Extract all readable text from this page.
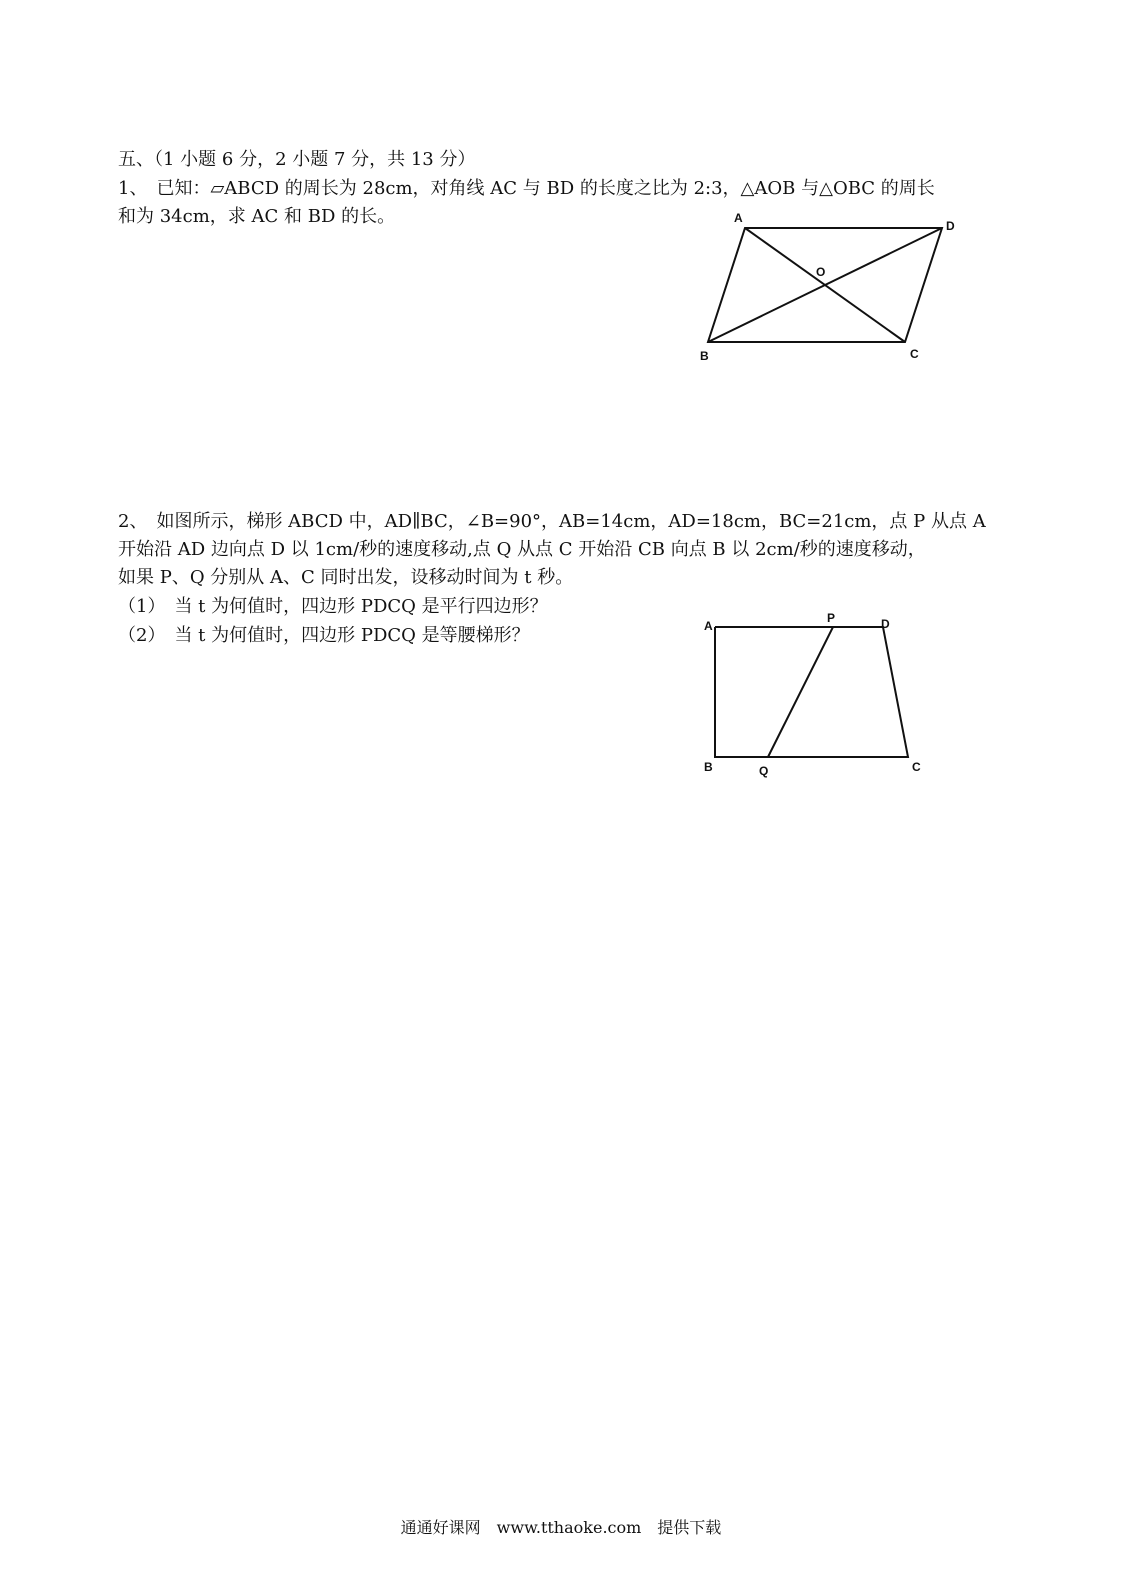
五、（1 小题 6 分，2 小题 7 分，共 13 分）
1、　已知：▱ABCD 的周长为 28cm，对角线 AC 与 BD 的长度之比为 2:3，△AOB 与△OBC 的周长
和为 34cm，求 AC 和 BD 的长。	A
D
B	C
O
2、　如图所示，梯形 ABCD 中，AD∥BC，∠B=90°，AB=14cm，AD=18cm，BC=21cm，点 P 从点 A
开始沿 AD 边向点 D 以 1cm/秒的速度移动,点 Q 从点 C 开始沿 CB 向点 B 以 2cm/秒的速度移动，
如果 P、Q 分别从 A、C 同时出发，设移动时间为 t 秒。
（1）　当 t 为何值时，四边形 PDCQ 是平行四边形？
（2）　当 t 为何值时，四边形 PDCQ 是等腰梯形？	A
P	D
B	Q	C
通通好课网　www.tthaoke.com　提供下载
